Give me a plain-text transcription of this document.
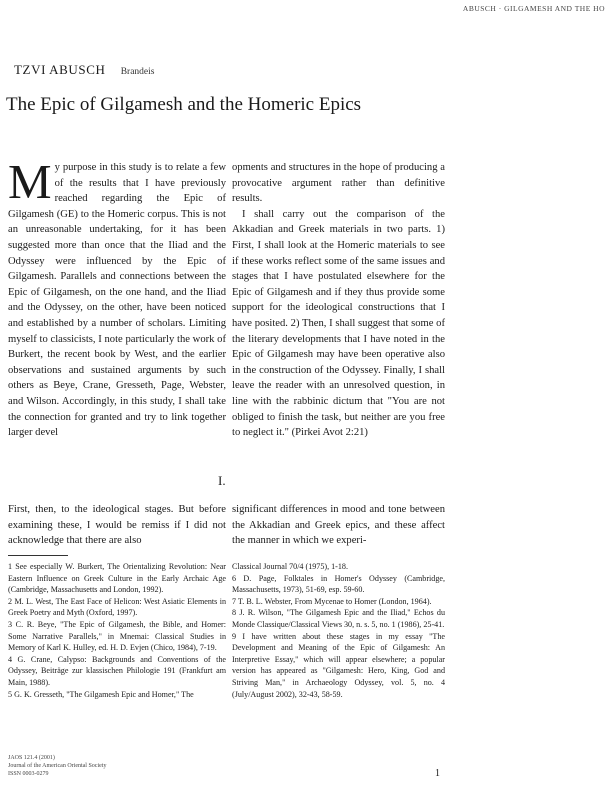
ABUSCH · GILGAMESH AND THE HO
TZVI ABUSCH Brandeis
The Epic of Gilgamesh and the Homeric Epics
M y purpose in this study is to relate a few of the results that I have previously reached regarding the Epic of Gilgamesh (GE) to the Homeric corpus. This is not an unreasonable undertaking, for it has been suggested more than once that the Iliad and the Odyssey were influenced by the Epic of Gilgamesh. Parallels and connections between the Epic of Gilgamesh, on the one hand, and the Iliad and the Odyssey, on the other, have been noticed and established by a number of scholars. Limiting myself to classicists, I note particularly the work of Burkert, the recent book by West, and the earlier observations and sustained arguments by such others as Beye, Crane, Gresseth, Page, Webster, and Wilson. Accordingly, in this study, I shall take the connection for granted and try to link together larger devel

opments and structures in the hope of producing a provocative argument rather than definitive results.

I shall carry out the comparison of the Akkadian and Greek materials in two parts. 1) First, I shall look at the Homeric materials to see if these works reflect some of the same issues and stages that I have postulated elsewhere for the Epic of Gilgamesh and if they thus provide some support for the ideological constructions that I have posited. 2) Then, I shall suggest that some of the literary developments that I have noted in the Epic of Gilgamesh may have been operative also in the construction of the Odyssey. Finally, I shall leave the reader with an unresolved question, in line with the rabbinic dictum that "You are not obliged to finish the task, but neither are you free to neglect it." (Pirkei Avot 2:21)

I.

First, then, to the ideological stages. But before examining these, I would be remiss if I did not acknowledge that there are also

significant differences in mood and tone between the Akkadian and Greek epics, and these affect the manner in which we experi-

1 See especially W. Burkert, The Orientalizing Revolution: Near Eastern Influence on Greek Culture in the Early Archaic Age (Cambridge, Massachusetts and London, 1992).

2 M. L. West, The East Face of Helicon: West Asiatic Elements in Greek Poetry and Myth (Oxford, 1997).

3 C. R. Beye, "The Epic of Gilgamesh, the Bible, and Homer: Some Narrative Parallels," in Mnemai: Classical Studies in Memory of Karl K. Hulley, ed. H. D. Evjen (Chico, 1984), 7-19.

4 G. Crane, Calypso: Backgrounds and Conventions of the Odyssey, Beiträge zur klassischen Philologie 191 (Frankfurt am Main, 1988).

5 G. K. Gresseth, "The Gilgamesh Epic and Homer," The

Classical Journal 70/4 (1975), 1-18.

6 D. Page, Folktales in Homer's Odyssey (Cambridge, Massachusetts, 1973), 51-69, esp. 59-60.

7 T. B. L. Webster, From Mycenae to Homer (London, 1964).

8 J. R. Wilson, "The Gilgamesh Epic and the Iliad," Echos du Monde Classique/Classical Views 30, n. s. 5, no. 1 (1986), 25-41.

9 I have written about these stages in my essay "The Development and Meaning of the Epic of Gilgamesh: An Interpretive Essay," which will appear elsewhere; a popular version has appeared as "Gilgamesh: Hero, King, God and Striving Man," in Archaeology Odyssey, vol. 5, no. 4 (July/August 2002), 32-43, 58-59.

JAOS 121.4 (2001)

Journal of the American Oriental Society

ISSN 0003-0279	1
